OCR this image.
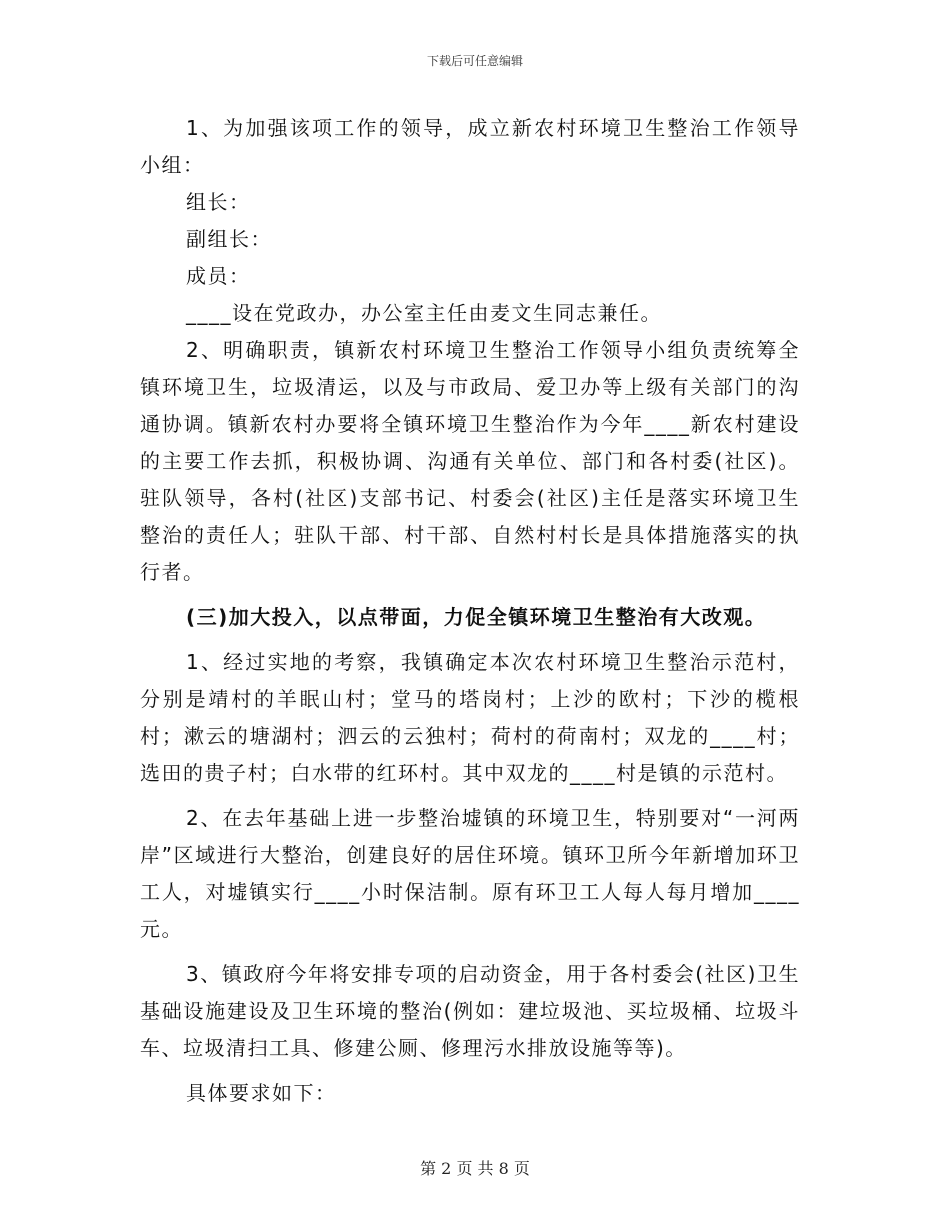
下载后可任意编辑

1、为加强该项工作的领导，成立新农村环境卫生整治工作领导小组：

组长：

副组长：

成员：

____设在党政办，办公室主任由麦文生同志兼任。

2、明确职责，镇新农村环境卫生整治工作领导小组负责统筹全镇环境卫生，垃圾清运，以及与市政局、爱卫办等上级有关部门的沟通协调。镇新农村办要将全镇环境卫生整治作为今年____新农村建设的主要工作去抓，积极协调、沟通有关单位、部门和各村委(社区)。驻队领导，各村(社区)支部书记、村委会(社区)主任是落实环境卫生整治的责任人；驻队干部、村干部、自然村村长是具体措施落实的执行者。

(三)加大投入，以点带面，力促全镇环境卫生整治有大改观。

1、经过实地的考察，我镇确定本次农村环境卫生整治示范村，分别是靖村的羊眠山村；堂马的塔岗村；上沙的欧村；下沙的榄根村；漱云的塘湖村；泗云的云独村；荷村的荷南村；双龙的____村；选田的贵子村；白水带的红环村。其中双龙的____村是镇的示范村。

2、在去年基础上进一步整治墟镇的环境卫生，特别要对“一河两岸”区域进行大整治，创建良好的居住环境。镇环卫所今年新增加环卫工人，对墟镇实行____小时保洁制。原有环卫工人每人每月增加____元。

3、镇政府今年将安排专项的启动资金，用于各村委会(社区)卫生基础设施建设及卫生环境的整治(例如：建垃圾池、买垃圾桶、垃圾斗车、垃圾清扫工具、修建公厕、修理污水排放设施等等)。

具体要求如下：

第 2 页 共 8 页
